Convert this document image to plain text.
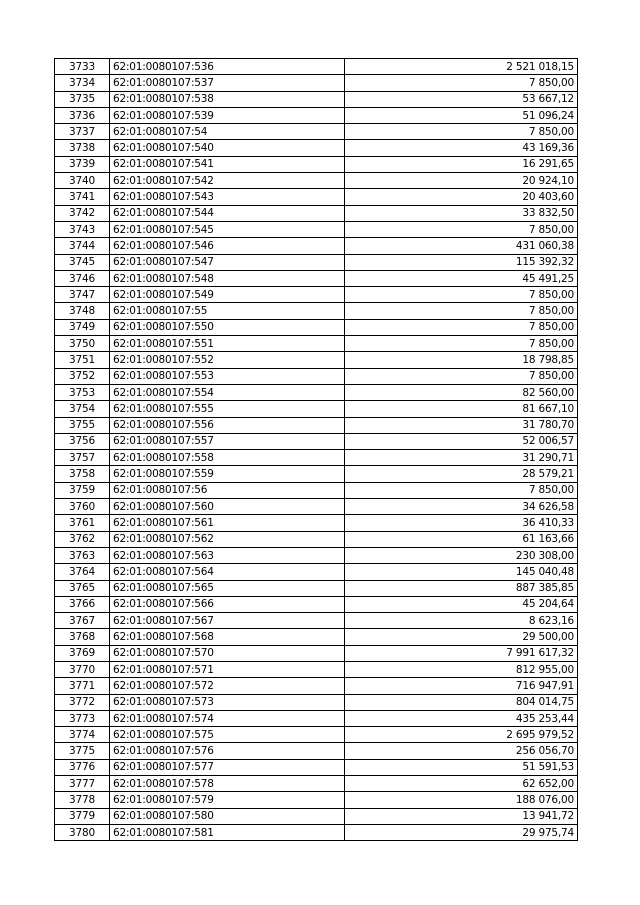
3733	62:01:0080107:536	2 521 018,15
3734	62:01:0080107:537	7 850,00
3735	62:01:0080107:538	53 667,12
3736	62:01:0080107:539	51 096,24
3737	62:01:0080107:54	7 850,00
3738	62:01:0080107:540	43 169,36
3739	62:01:0080107:541	16 291,65
3740	62:01:0080107:542	20 924,10
3741	62:01:0080107:543	20 403,60
3742	62:01:0080107:544	33 832,50
3743	62:01:0080107:545	7 850,00
3744	62:01:0080107:546	431 060,38
3745	62:01:0080107:547	115 392,32
3746	62:01:0080107:548	45 491,25
3747	62:01:0080107:549	7 850,00
3748	62:01:0080107:55	7 850,00
3749	62:01:0080107:550	7 850,00
3750	62:01:0080107:551	7 850,00
3751	62:01:0080107:552	18 798,85
3752	62:01:0080107:553	7 850,00
3753	62:01:0080107:554	82 560,00
3754	62:01:0080107:555	81 667,10
3755	62:01:0080107:556	31 780,70
3756	62:01:0080107:557	52 006,57
3757	62:01:0080107:558	31 290,71
3758	62:01:0080107:559	28 579,21
3759	62:01:0080107:56	7 850,00
3760	62:01:0080107:560	34 626,58
3761	62:01:0080107:561	36 410,33
3762	62:01:0080107:562	61 163,66
3763	62:01:0080107:563	230 308,00
3764	62:01:0080107:564	145 040,48
3765	62:01:0080107:565	887 385,85
3766	62:01:0080107:566	45 204,64
3767	62:01:0080107:567	8 623,16
3768	62:01:0080107:568	29 500,00
3769	62:01:0080107:570	7 991 617,32
3770	62:01:0080107:571	812 955,00
3771	62:01:0080107:572	716 947,91
3772	62:01:0080107:573	804 014,75
3773	62:01:0080107:574	435 253,44
3774	62:01:0080107:575	2 695 979,52
3775	62:01:0080107:576	256 056,70
3776	62:01:0080107:577	51 591,53
3777	62:01:0080107:578	62 652,00
3778	62:01:0080107:579	188 076,00
3779	62:01:0080107:580	13 941,72
3780	62:01:0080107:581	29 975,74
